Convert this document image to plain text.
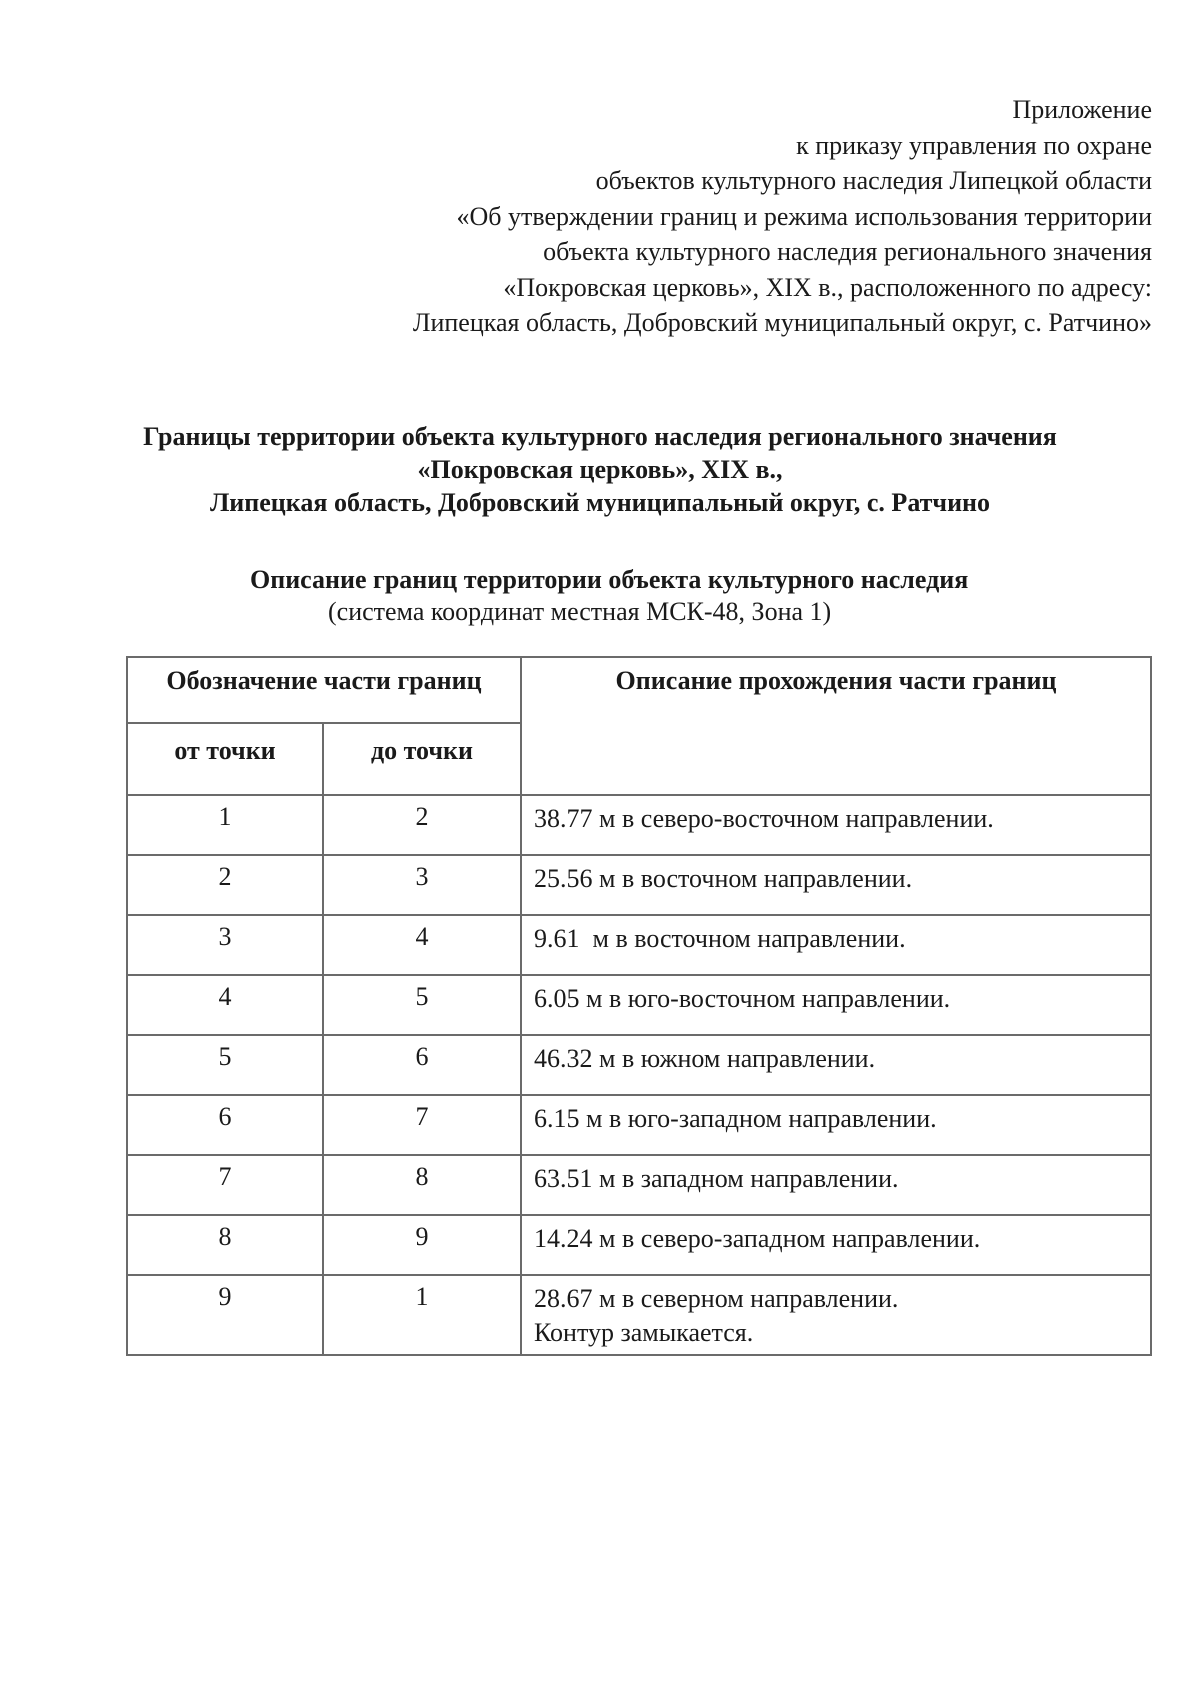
Приложение
к приказу управления по охране
объектов культурного наследия Липецкой области
«Об утверждении границ и режима использования территории
объекта культурного наследия регионального значения
«Покровская церковь», XIX в., расположенного по адресу:
Липецкая область, Добровский муниципальный округ, с. Ратчино»
Границы территории объекта культурного наследия регионального значения
«Покровская церковь», XIX в.,
Липецкая область, Добровский муниципальный округ, с. Ратчино
Описание границ территории объекта культурного наследия
(система координат местная МСК-48, Зона 1)
Обозначение части границ		Описание прохождения части границ
от точки	до точки	
1	2	38.77 м в северо-восточном направлении.
2	3	25.56 м в восточном направлении.
3	4	9.61  м в восточном направлении.
4	5	6.05 м в юго-восточном направлении.
5	6	46.32 м в южном направлении.
6	7	6.15 м в юго-западном направлении.
7	8	63.51 м в западном направлении.
8	9	14.24 м в северо-западном направлении.
9	1	28.67 м в северном направлении.
Контур замыкается.
